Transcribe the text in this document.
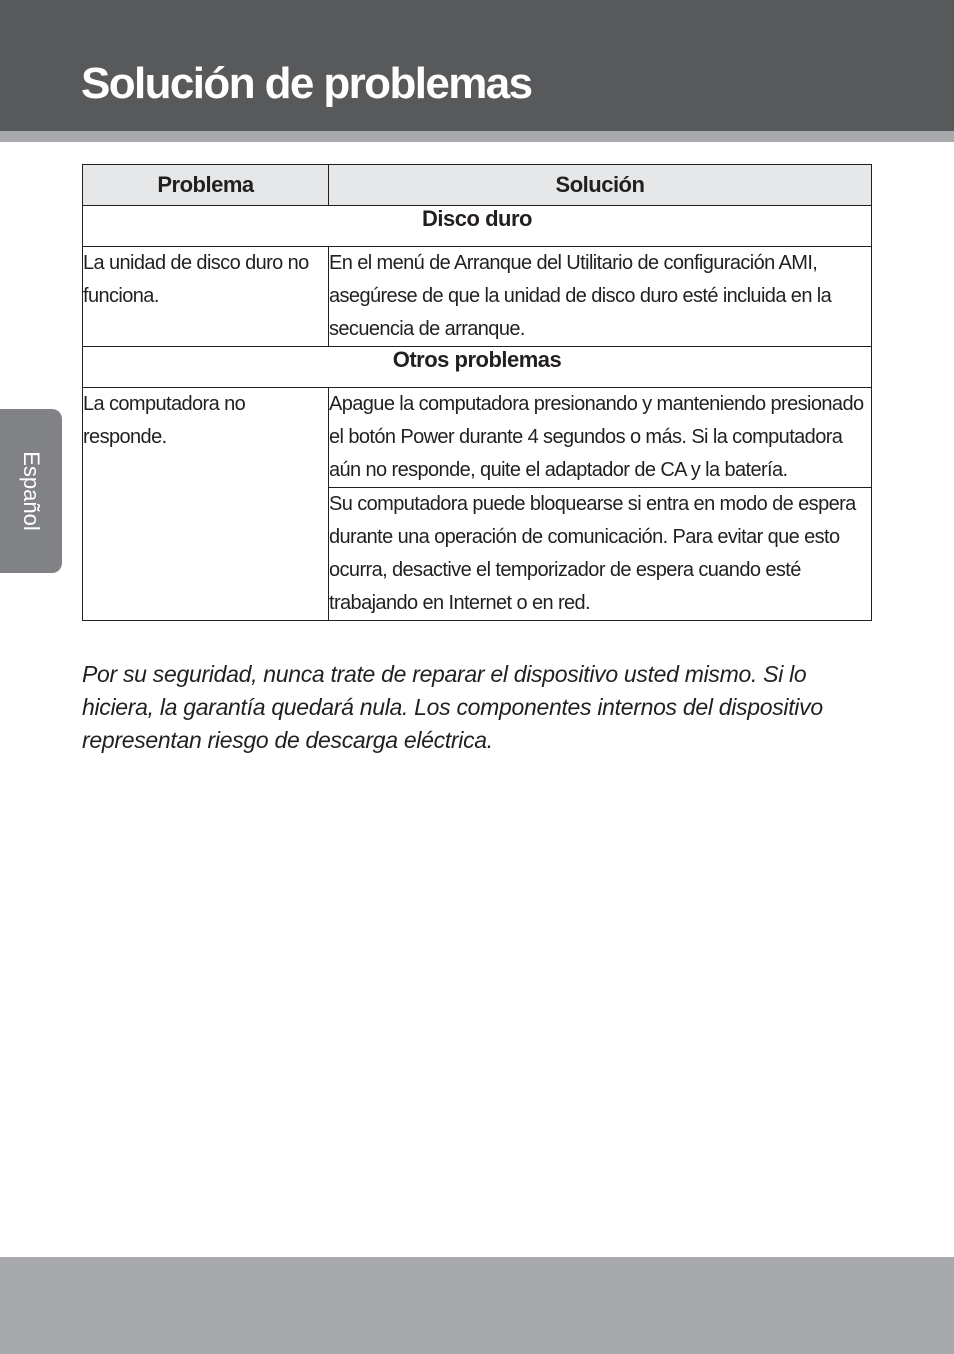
Solución de problemas
Español
Problema	Solución
Disco duro	
La unidad de disco duro no funciona.	En el menú de Arranque del Utilitario de configuración AMI, asegúrese de que la unidad de disco duro esté incluida en la secuencia de arranque.
Otros problemas	
La computadora no responde.	Apague la computadora presionando y manteniendo presionado el botón Power durante 4 segundos o más. Si la computadora aún no responde, quite el adaptador de CA y la batería.
	Su computadora puede bloquearse si entra en modo de espera durante una operación de comunicación. Para evitar que esto ocurra, desactive el temporizador de espera cuando esté trabajando en Internet o en red.

Por su seguridad, nunca trate de reparar el dispositivo usted mismo. Si lo hiciera, la garantía quedará nula. Los componentes internos del dispositivo representan riesgo de descarga eléctrica.
